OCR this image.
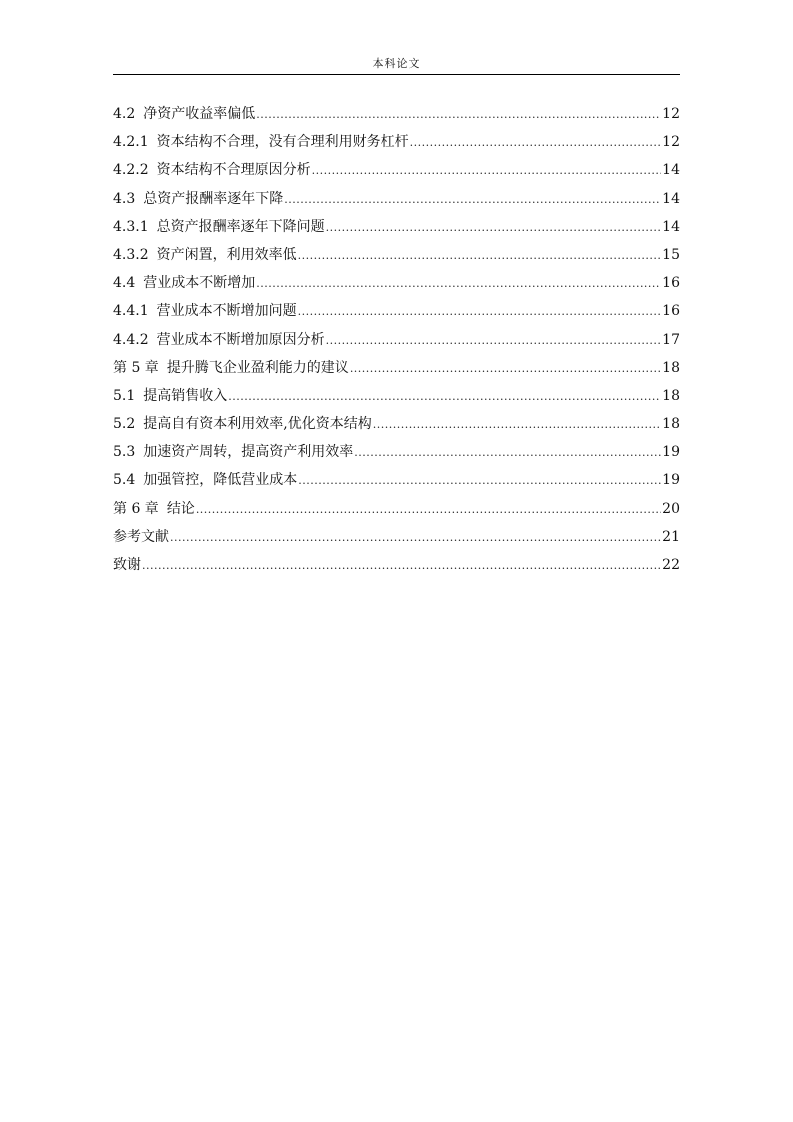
本科论文
4.2 净资产收益率偏低 .....	12
4.2.1 资本结构不合理，没有合理利用财务杠杆 .....	12
4.2.2 资本结构不合理原因分析 .....	14
4.3 总资产报酬率逐年下降 .....	14
4.3.1 总资产报酬率逐年下降问题 .....	14
4.3.2 资产闲置，利用效率低 .....	15
4.4 营业成本不断增加 .....	16
4.4.1 营业成本不断增加问题 .....	16
4.4.2 营业成本不断增加原因分析 .....	17
第 5 章 提升腾飞企业盈利能力的建议 .....	18
5.1 提高销售收入 .....	18
5.2 提高自有资本利用效率,优化资本结构 .....	18
5.3 加速资产周转，提高资产利用效率 .....	19
5.4 加强管控，降低营业成本 .....	19
第 6 章 结论 .....	20
参考文献 .....	21
致谢 .....	22
